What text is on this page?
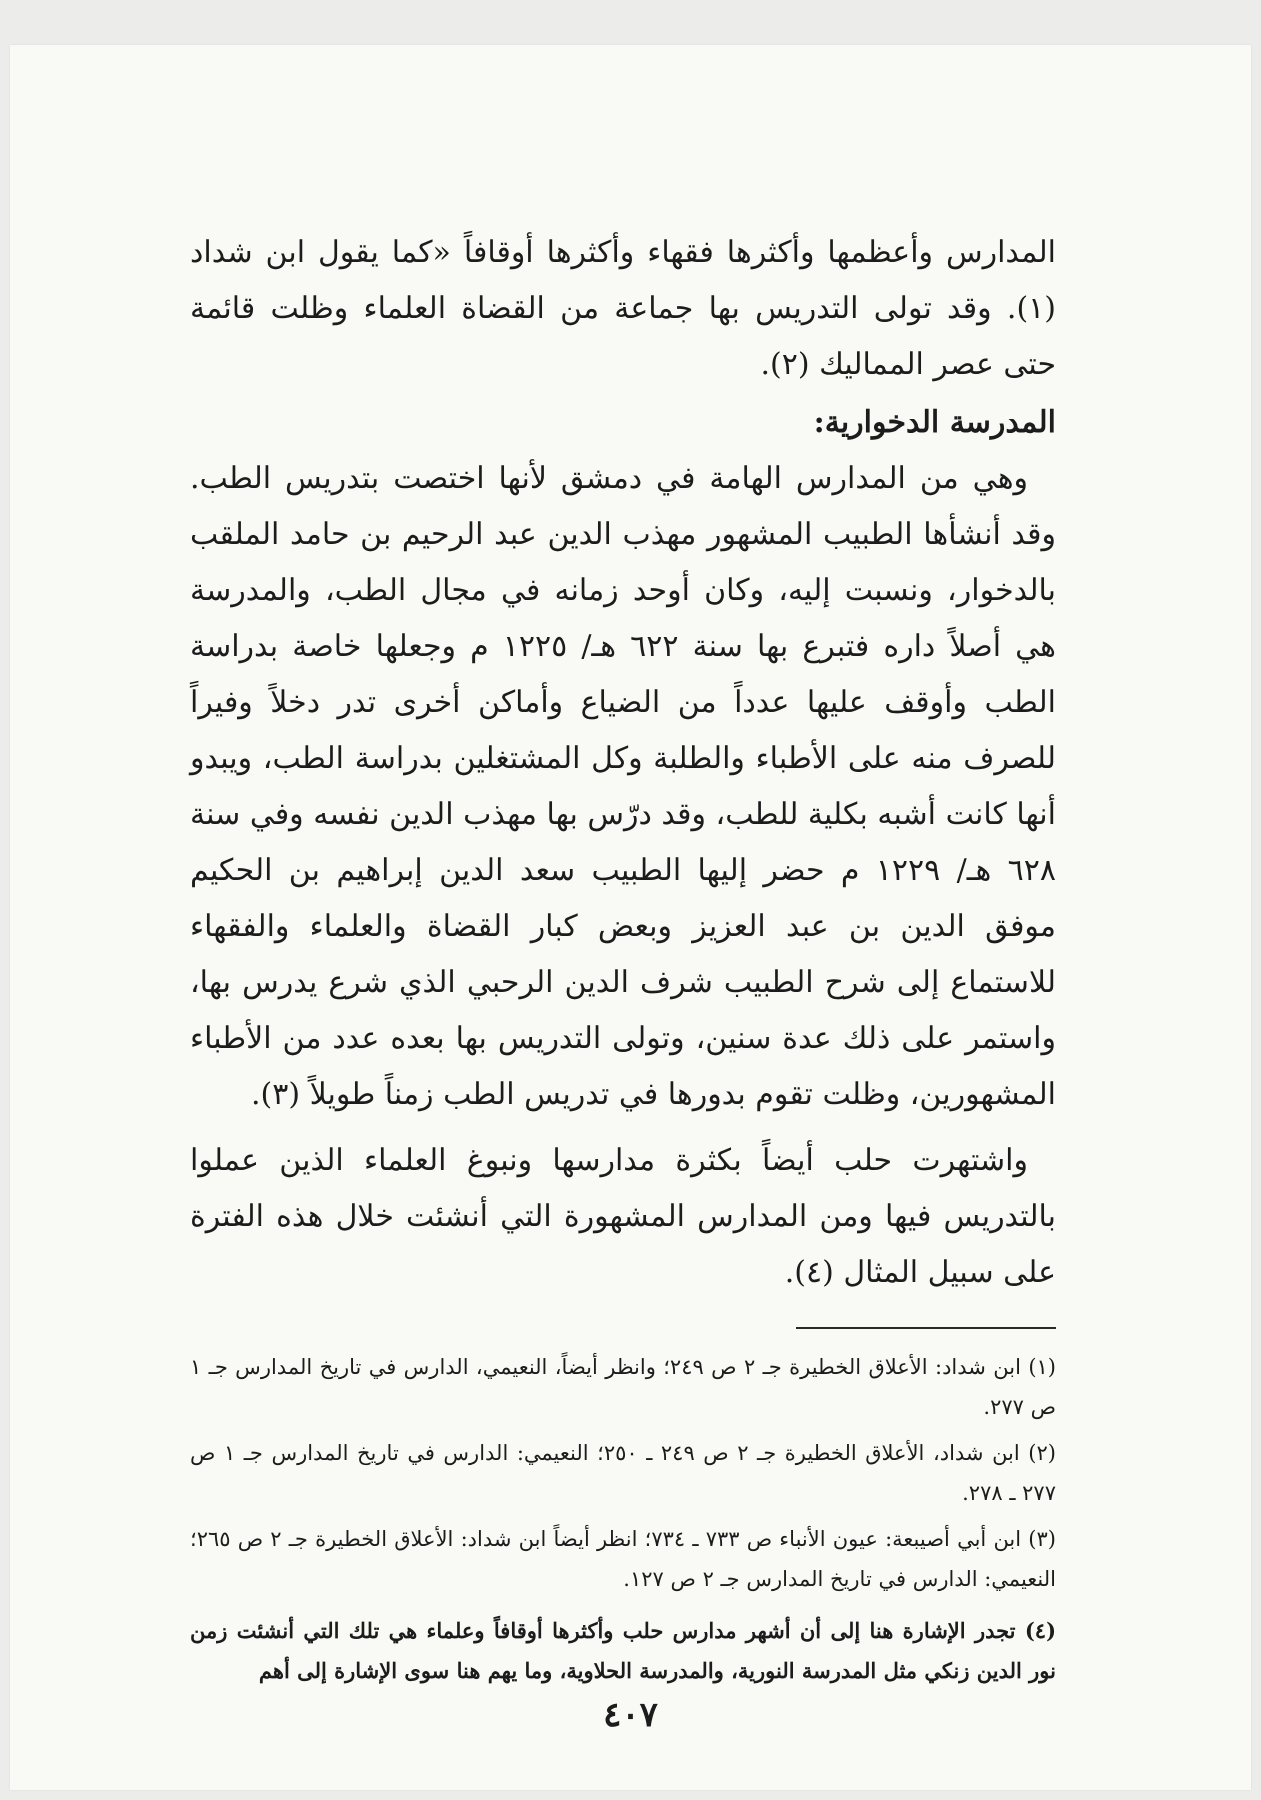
المدارس وأعظمها وأكثرها فقهاء وأكثرها أوقافاً «كما يقول ابن شداد (١). وقد تولى التدريس بها جماعة من القضاة العلماء وظلت قائمة حتى عصر المماليك (٢).

المدرسة الدخوارية:

وهي من المدارس الهامة في دمشق لأنها اختصت بتدريس الطب. وقد أنشأها الطبيب المشهور مهذب الدين عبد الرحيم بن حامد الملقب بالدخوار، ونسبت إليه، وكان أوحد زمانه في مجال الطب، والمدرسة هي أصلاً داره فتبرع بها سنة ٦٢٢ هـ/ ١٢٢٥ م وجعلها خاصة بدراسة الطب وأوقف عليها عدداً من الضياع وأماكن أخرى تدر دخلاً وفيراً للصرف منه على الأطباء والطلبة وكل المشتغلين بدراسة الطب، ويبدو أنها كانت أشبه بكلية للطب، وقد درّس بها مهذب الدين نفسه وفي سنة ٦٢٨ هـ/ ١٢٢٩ م حضر إليها الطبيب سعد الدين إبراهيم بن الحكيم موفق الدين بن عبد العزيز وبعض كبار القضاة والعلماء والفقهاء للاستماع إلى شرح الطبيب شرف الدين الرحبي الذي شرع يدرس بها، واستمر على ذلك عدة سنين، وتولى التدريس بها بعده عدد من الأطباء المشهورين، وظلت تقوم بدورها في تدريس الطب زمناً طويلاً (٣).

واشتهرت حلب أيضاً بكثرة مدارسها ونبوغ العلماء الذين عملوا بالتدريس فيها ومن المدارس المشهورة التي أنشئت خلال هذه الفترة على سبيل المثال (٤).

(١) ابن شداد: الأعلاق الخطيرة جـ ٢ ص ٢٤٩؛ وانظر أيضاً، النعيمي، الدارس في تاريخ المدارس جـ ١ ص ٢٧٧.

(٢) ابن شداد، الأعلاق الخطيرة جـ ٢ ص ٢٤٩ ـ ٢٥٠؛ النعيمي: الدارس في تاريخ المدارس جـ ١ ص ٢٧٧ ـ ٢٧٨.

(٣) ابن أبي أصيبعة: عيون الأنباء ص ٧٣٣ ـ ٧٣٤؛ انظر أيضاً ابن شداد: الأعلاق الخطيرة جـ ٢ ص ٢٦٥؛ النعيمي: الدارس في تاريخ المدارس جـ ٢ ص ١٢٧.

(٤) تجدر الإشارة هنا إلى أن أشهر مدارس حلب وأكثرها أوقافاً وعلماء هي تلك التي أنشئت زمن نور الدين زنكي مثل المدرسة النورية، والمدرسة الحلاوية، وما يهم هنا سوى الإشارة إلى أهم

٤٠٧
